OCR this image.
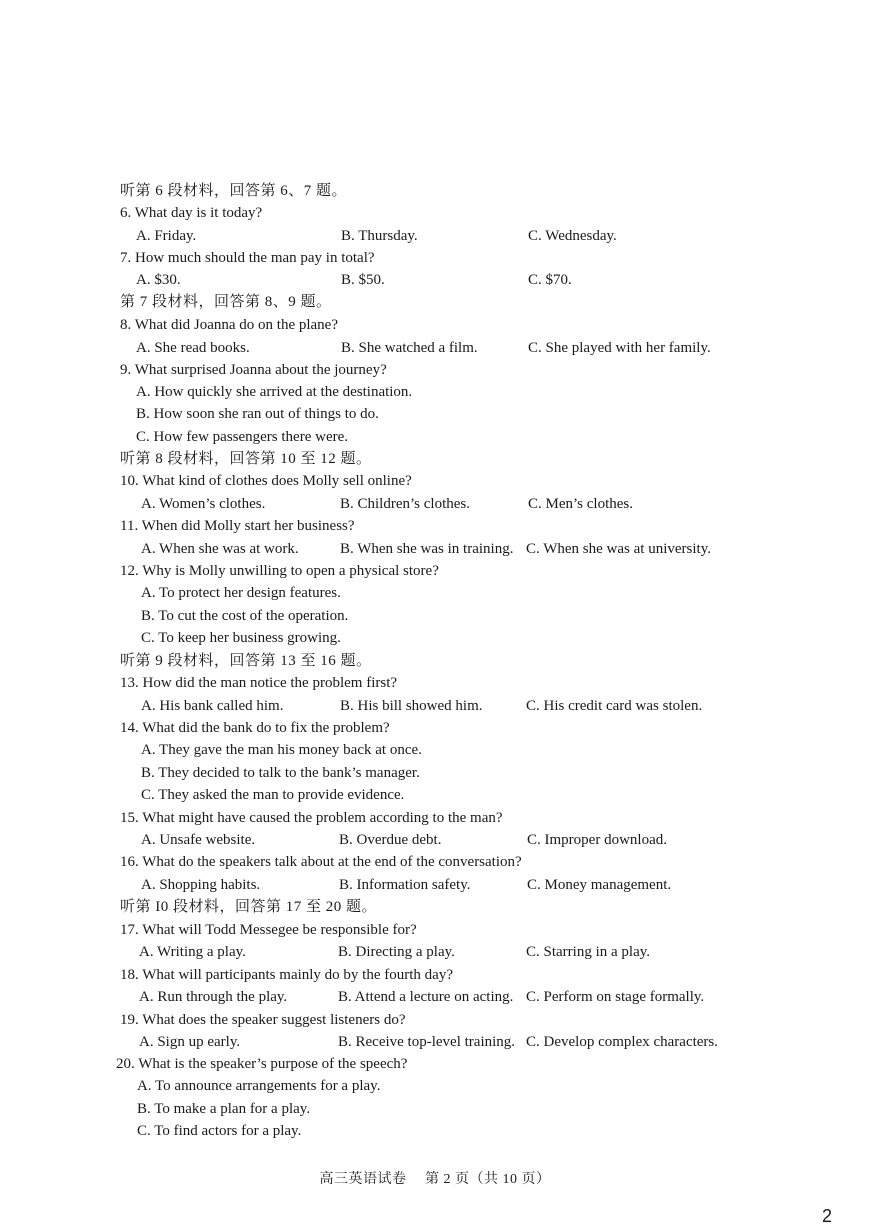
听第 6 段材料，回答第 6、7 题。
6. What day is it today?
A. Friday.	B. Thursday.	C. Wednesday.
7. How much should the man pay in total?
A. $30.	B. $50.	C. $70.
第 7 段材料，回答第 8、9 题。
8. What did Joanna do on the plane?
A. She read books.	B. She watched a film.	C. She played with her family.
9. What surprised Joanna about the journey?
A. How quickly she arrived at the destination.
B. How soon she ran out of things to do.
C. How few passengers there were.
听第 8 段材料，回答第 10 至 12 题。
10. What kind of clothes does Molly sell online?
A. Women’s clothes.	B. Children’s clothes.	C. Men’s clothes.
11. When did Molly start her business?
A. When she was at work.	B. When she was in training. C. When she was at university.
12. Why is Molly unwilling to open a physical store?
A. To protect her design features.
B. To cut the cost of the operation.
C. To keep her business growing.
听第 9 段材料，回答第 13 至 16 题。
13. How did the man notice the problem first?
A. His bank called him.	B. His bill showed him.	C. His credit card was stolen.
14. What did the bank do to fix the problem?
A. They gave the man his money back at once.
B. They decided to talk to the bank’s manager.
C. They asked the man to provide evidence.
15. What might have caused the problem according to the man?
A. Unsafe website.	B. Overdue debt.	C. Improper download.
16. What do the speakers talk about at the end of the conversation?
A. Shopping habits.	B. Information safety.	C. Money management.
听第 I0 段材料，回答第 17 至 20 题。
17. What will Todd Messegee be responsible for?
A. Writing a play.	B. Directing a play.	C. Starring in a play.
18. What will participants mainly do by the fourth day?
A. Run through the play.	B. Attend a lecture on acting. C. Perform on stage formally.
19. What does the speaker suggest listeners do?
A. Sign up early.	B. Receive top-level training. C. Develop complex characters.
20. What is the speaker’s purpose of the speech?
A. To announce arrangements for a play.
B. To make a plan for a play.
C. To find actors for a play.
高三英语试卷　 第 2 页（共 10 页）
2
